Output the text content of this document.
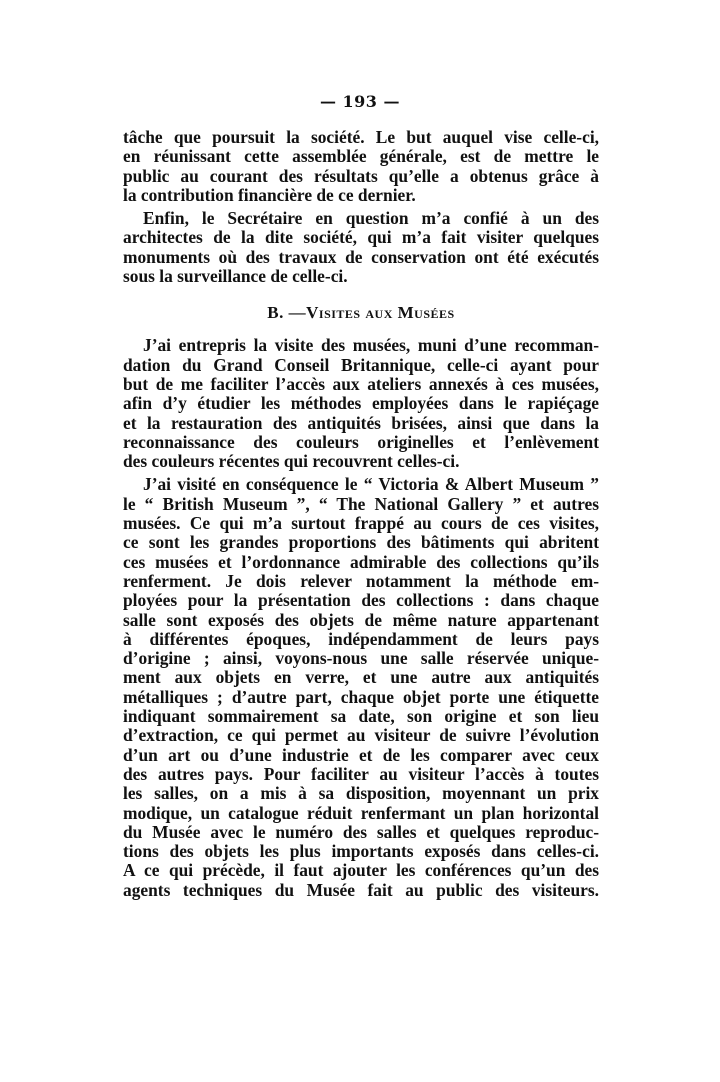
— 193 —
tâche que poursuit la société. Le but auquel vise celle-ci,
en réunissant cette assemblée générale, est de mettre le
public au courant des résultats qu’elle a obtenus grâce à
la contribution financière de ce dernier.
Enfin, le Secrétaire en question m’a confié à un des
architectes de la dite société, qui m’a fait visiter quelques
monuments où des travaux de conservation ont été exécutés
sous la surveillance de celle-ci.
B. —Visites aux Musées
J’ai entrepris la visite des musées, muni d’une recomman-
dation du Grand Conseil Britannique, celle-ci ayant pour
but de me faciliter l’accès aux ateliers annexés à ces musées,
afin d’y étudier les méthodes employées dans le rapiéçage
et la restauration des antiquités brisées, ainsi que dans la
reconnaissance des couleurs originelles et l’enlèvement
des couleurs récentes qui recouvrent celles-ci.
J’ai visité en conséquence le “ Victoria & Albert Museum ”
le “ British Museum ”, “ The National Gallery ” et autres
musées. Ce qui m’a surtout frappé au cours de ces visites,
ce sont les grandes proportions des bâtiments qui abritent
ces musées et l’ordonnance admirable des collections qu’ils
renferment. Je dois relever notamment la méthode em-
ployées pour la présentation des collections : dans chaque
salle sont exposés des objets de même nature appartenant
à différentes époques, indépendamment de leurs pays
d’origine ; ainsi, voyons-nous une salle réservée unique-
ment aux objets en verre, et une autre aux antiquités
métalliques ; d’autre part, chaque objet porte une étiquette
indiquant sommairement sa date, son origine et son lieu
d’extraction, ce qui permet au visiteur de suivre l’évolution
d’un art ou d’une industrie et de les comparer avec ceux
des autres pays. Pour faciliter au visiteur l’accès à toutes
les salles, on a mis à sa disposition, moyennant un prix
modique, un catalogue réduit renfermant un plan horizontal
du Musée avec le numéro des salles et quelques reproduc-
tions des objets les plus importants exposés dans celles-ci.
A ce qui précède, il faut ajouter les conférences qu’un des
agents techniques du Musée fait au public des visiteurs.
